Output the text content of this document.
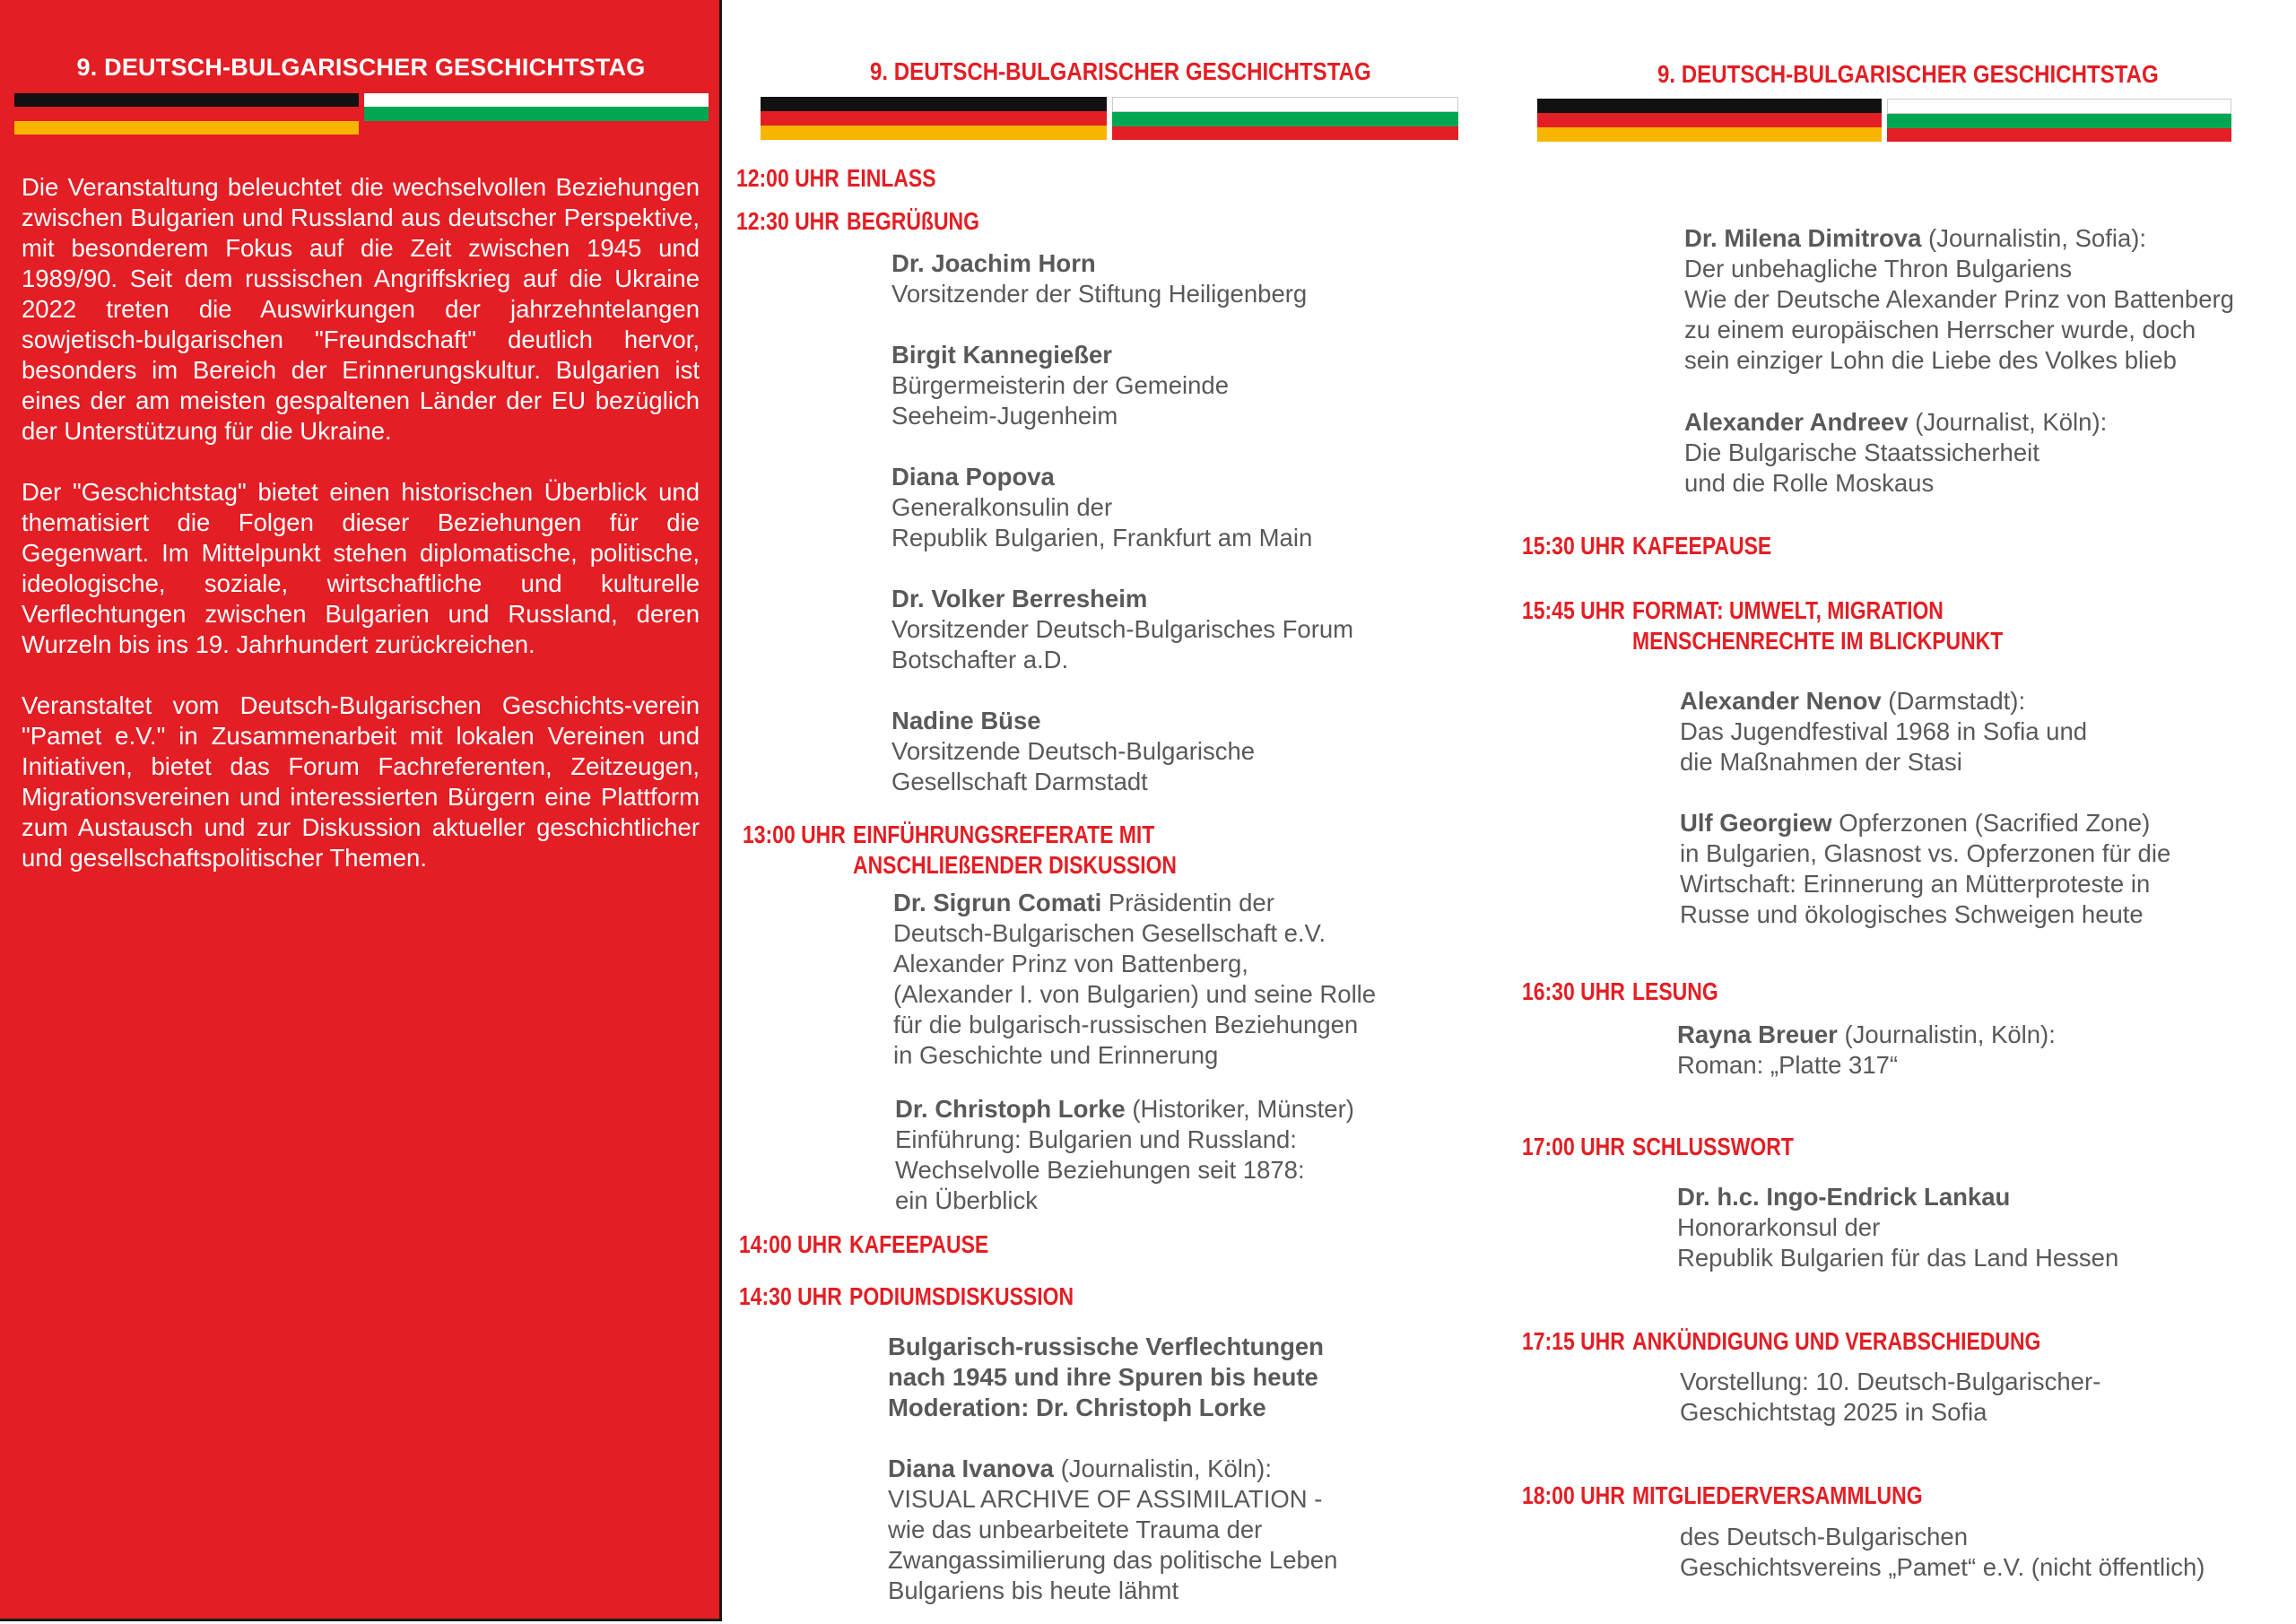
9. DEUTSCH-BULGARISCHER GESCHICHTSTAG

Die Veranstaltung beleuchtet die wechselvollen Beziehungen zwischen Bulgarien und Russland aus deutscher Perspektive, mit besonderem Fokus auf die Zeit zwischen 1945 und 1989/90. Seit dem russischen Angriffskrieg auf die Ukraine 2022 treten die Auswirkungen der jahrzehntelangen sowjetisch-bulgarischen "Freundschaft" deutlich hervor, besonders im Bereich der Erinnerungskultur. Bulgarien ist eines der am meisten gespaltenen Länder der EU bezüglich der Unterstützung für die Ukraine.

Der "Geschichtstag" bietet einen historischen Überblick und thematisiert die Folgen dieser Beziehungen für die Gegenwart. Im Mittelpunkt stehen diplomatische, politische, ideologische, soziale, wirtschaftliche und kulturelle Verflechtungen zwischen Bulgarien und Russland, deren Wurzeln bis ins 19. Jahrhundert zurückreichen.

Veranstaltet vom Deutsch-Bulgarischen Geschichts-verein "Pamet e.V." in Zusammenarbeit mit lokalen Vereinen und Initiativen, bietet das Forum Fachreferenten, Zeitzeugen, Migrationsvereinen und interessierten Bürgern eine Plattform zum Austausch und zur Diskussion aktueller geschichtlicher und gesellschaftspolitischer Themen.

9. DEUTSCH-BULGARISCHER GESCHICHTSTAG
12:00 UHR EINLASS
12:30 UHR BEGRÜßUNG
Dr. Joachim Horn
Vorsitzender der Stiftung Heiligenberg
Birgit Kannegießer
Bürgermeisterin der Gemeinde
Seeheim-Jugenheim
Diana Popova
Generalkonsulin der
Republik Bulgarien, Frankfurt am Main
Dr. Volker Berresheim
Vorsitzender Deutsch-Bulgarisches Forum
Botschafter a.D.
Nadine Büse
Vorsitzende Deutsch-Bulgarische
Gesellschaft Darmstadt
13:00 UHR EINFÜHRUNGSREFERATE MIT
ANSCHLIEßENDER DISKUSSION
Dr. Sigrun Comati Präsidentin der
Deutsch-Bulgarischen Gesellschaft e.V.
Alexander Prinz von Battenberg,
(Alexander I. von Bulgarien) und seine Rolle
für die bulgarisch-russischen Beziehungen
in Geschichte und Erinnerung
Dr. Christoph Lorke (Historiker, Münster)
Einführung: Bulgarien und Russland:
Wechselvolle Beziehungen seit 1878:
ein Überblick
14:00 UHR KAFEEPAUSE
14:30 UHR PODIUMSDISKUSSION
Bulgarisch-russische Verflechtungen
nach 1945 und ihre Spuren bis heute
Moderation: Dr. Christoph Lorke
Diana Ivanova (Journalistin, Köln):
VISUAL ARCHIVE OF ASSIMILATION -
wie das unbearbeitete Trauma der
Zwangassimilierung das politische Leben
Bulgariens bis heute lähmt
9. DEUTSCH-BULGARISCHER GESCHICHTSTAG
Dr. Milena Dimitrova (Journalistin, Sofia):
Der unbehagliche Thron Bulgariens
Wie der Deutsche Alexander Prinz von Battenberg
zu einem europäischen Herrscher wurde, doch
sein einziger Lohn die Liebe des Volkes blieb
Alexander Andreev (Journalist, Köln):
Die Bulgarische Staatssicherheit
und die Rolle Moskaus
15:30 UHR KAFEEPAUSE
15:45 UHR FORMAT: UMWELT, MIGRATION
MENSCHENRECHTE IM BLICKPUNKT
Alexander Nenov (Darmstadt):
Das Jugendfestival 1968 in Sofia und
die Maßnahmen der Stasi
Ulf Georgiew Opferzonen (Sacrified Zone)
in Bulgarien, Glasnost vs. Opferzonen für die
Wirtschaft: Erinnerung an Mütterproteste in
Russe und ökologisches Schweigen heute
16:30 UHR LESUNG
Rayna Breuer (Journalistin, Köln):
Roman: „Platte 317“
17:00 UHR SCHLUSSWORT
Dr. h.c. Ingo-Endrick Lankau
Honorarkonsul der
Republik Bulgarien für das Land Hessen
17:15 UHR ANKÜNDIGUNG UND VERABSCHIEDUNG
Vorstellung: 10. Deutsch-Bulgarischer-
Geschichtstag 2025 in Sofia
18:00 UHR MITGLIEDERVERSAMMLUNG
des Deutsch-Bulgarischen
Geschichtsvereins „Pamet“ e.V. (nicht öffentlich)
